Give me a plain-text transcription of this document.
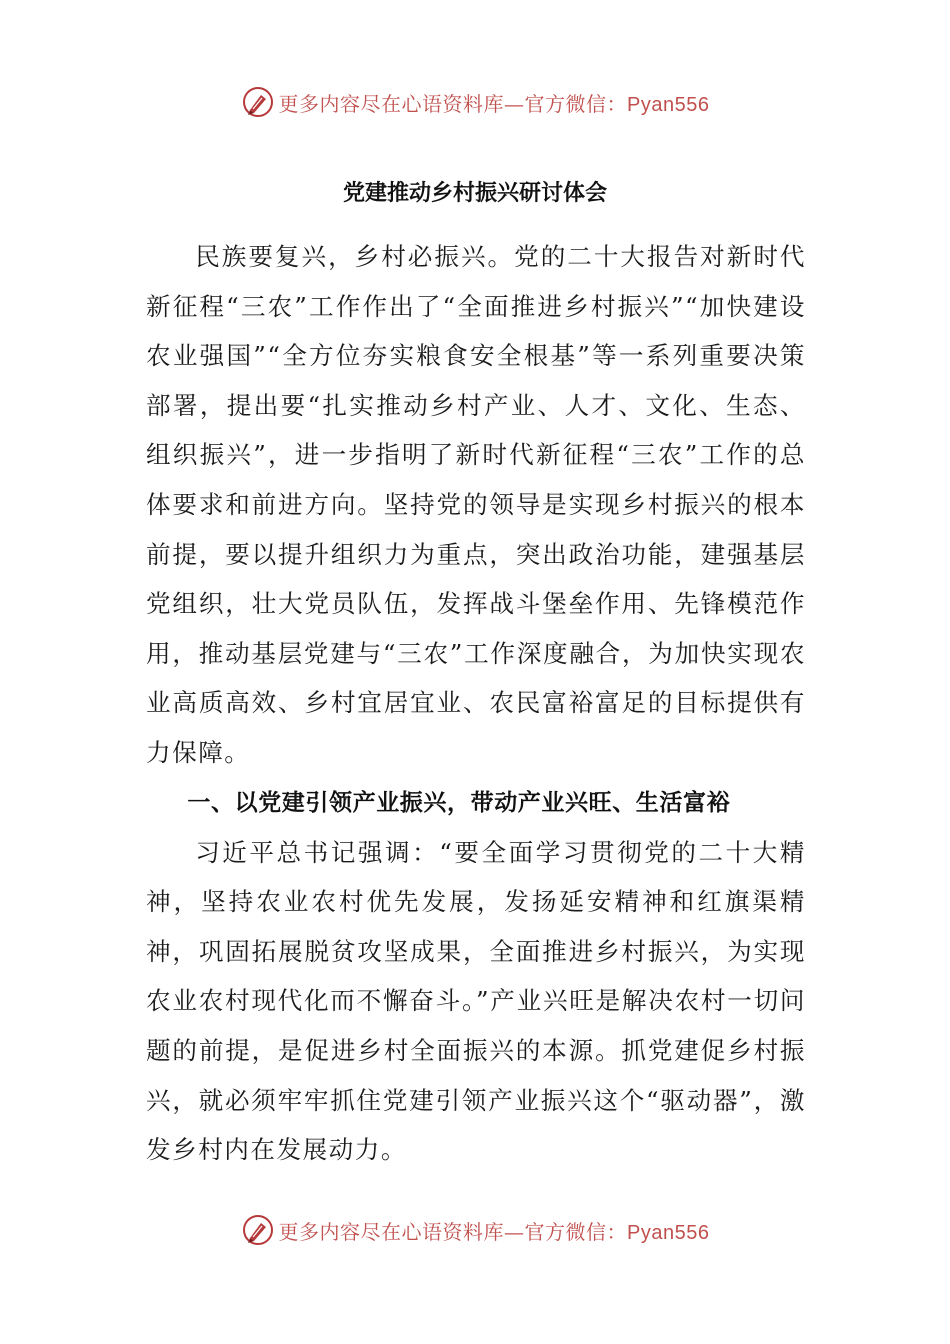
更多内容尽在心语资料库—官方微信：Pyan556
党建推动乡村振兴研讨体会

民族要复兴，乡村必振兴。党的二十大报告对新时代新征程“三农”工作作出了“全面推进乡村振兴”“加快建设农业强国”“全方位夯实粮食安全根基”等一系列重要决策部署，提出要“扎实推动乡村产业、人才、文化、生态、组织振兴”，进一步指明了新时代新征程“三农”工作的总体要求和前进方向。坚持党的领导是实现乡村振兴的根本前提，要以提升组织力为重点，突出政治功能，建强基层党组织，壮大党员队伍，发挥战斗堡垒作用、先锋模范作用，推动基层党建与“三农”工作深度融合，为加快实现农业高质高效、乡村宜居宜业、农民富裕富足的目标提供有力保障。

一、以党建引领产业振兴，带动产业兴旺、生活富裕

习近平总书记强调：“要全面学习贯彻党的二十大精神，坚持农业农村优先发展，发扬延安精神和红旗渠精神，巩固拓展脱贫攻坚成果，全面推进乡村振兴，为实现农业农村现代化而不懈奋斗。”产业兴旺是解决农村一切问题的前提，是促进乡村全面振兴的本源。抓党建促乡村振兴，就必须牢牢抓住党建引领产业振兴这个“驱动器”，激发乡村内在发展动力。

更多内容尽在心语资料库—官方微信：Pyan556
